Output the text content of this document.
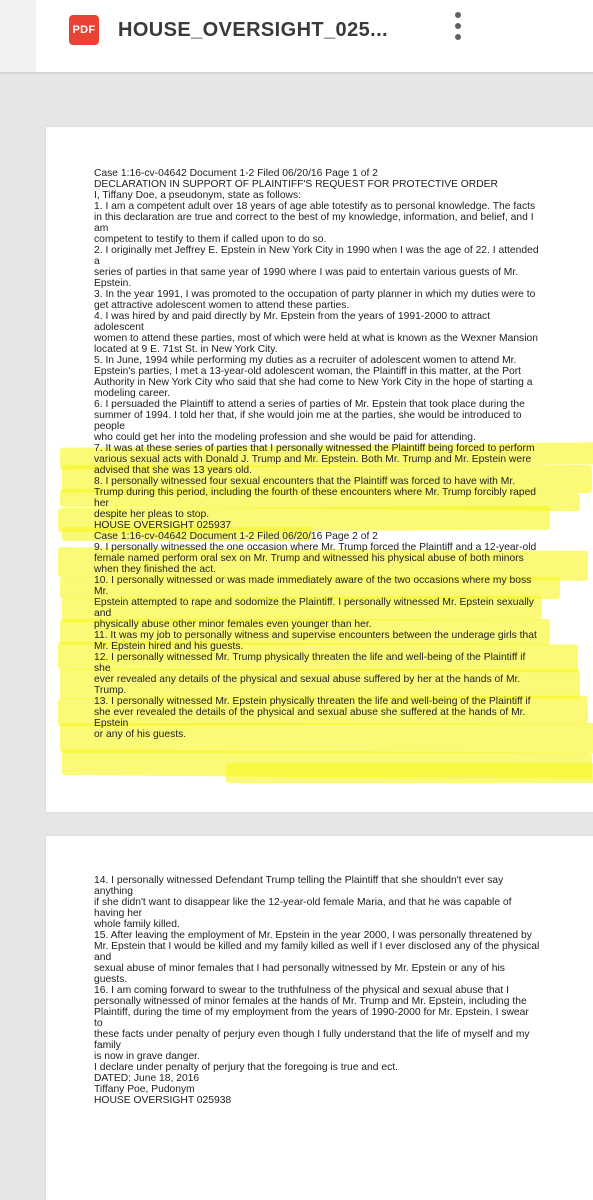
PDF HOUSE_OVERSIGHT_025...
Case 1:16-cv-04642 Document 1-2 Filed 06/20/16 Page 1 of 2
DECLARATION IN SUPPORT OF PLAINTIFF'S REQUEST FOR PROTECTIVE ORDER
I, Tiffany Doe, a pseudonym, state as follows:
1. I am a competent adult over 18 years of age able totestify as to personal knowledge. The facts
in this declaration are true and correct to the best of my knowledge, information, and belief, and I
am
competent to testify to them if called upon to do so.
2. I originally met Jeffrey E. Epstein in New York City in 1990 when I was the age of 22. I attended
a
series of parties in that same year of 1990 where I was paid to entertain various guests of Mr.
Epstein.
3. In the year 1991, I was promoted to the occupation of party planner in which my duties were to
get attractive adolescent women to attend these parties.
4. I was hired by and paid directly by Mr. Epstein from the years of 1991-2000 to attract
adolescent
women to attend these parties, most of which were held at what is known as the Wexner Mansion
located at 9 E. 71st St. in New York City.
5. In June, 1994 while performing my duties as a recruiter of adolescent women to attend Mr.
Epstein's parties, I met a 13-year-old adolescent woman, the Plaintiff in this matter, at the Port
Authority in New York City who said that she had come to New York City in the hope of starting a
modeling career.
6. I persuaded the Plaintiff to attend a series of parties of Mr. Epstein that took place during the
summer of 1994. I told her that, if she would join me at the parties, she would be introduced to
people
who could get her into the modeling profession and she would be paid for attending.
7. It was at these series of parties that I personally witnessed the Plaintiff being forced to perform
various sexual acts with Donald J. Trump and Mr. Epstein. Both Mr. Trump and Mr. Epstein were
advised that she was 13 years old.
8. I personally witnessed four sexual encounters that the Plaintiff was forced to have with Mr.
Trump during this period, including the fourth of these encounters where Mr. Trump forcibly raped
her
despite her pleas to stop.
HOUSE OVERSIGHT 025937
Case 1:16-cv-04642 Document 1-2 Filed 06/20/16 Page 2 of 2
9. I personally witnessed the one occasion where Mr. Trump forced the Plaintiff and a 12-year-old
female named perform oral sex on Mr. Trump and witnessed his physical abuse of both minors
when they finished the act.
10. I personally witnessed or was made immediately aware of the two occasions where my boss
Mr.
Epstein attempted to rape and sodomize the Plaintiff. I personally witnessed Mr. Epstein sexually
and
physically abuse other minor females even younger than her.
11. It was my job to personally witness and supervise encounters between the underage girls that
Mr. Epstein hired and his guests.
12. I personally witnessed Mr. Trump physically threaten the life and well-being of the Plaintiff if
she
ever revealed any details of the physical and sexual abuse suffered by her at the hands of Mr.
Trump.
13. I personally witnessed Mr. Epstein physically threaten the life and well-being of the Plaintiff if
she ever revealed the details of the physical and sexual abuse she suffered at the hands of Mr.
Epstein
or any of his guests.
14. I personally witnessed Defendant Trump telling the Plaintiff that she shouldn't ever say
anything
if she didn't want to disappear like the 12-year-old female Maria, and that he was capable of
having her
whole family killed.
15. After leaving the employment of Mr. Epstein in the year 2000, I was personally threatened by
Mr. Epstein that I would be killed and my family killed as well if I ever disclosed any of the physical
and
sexual abuse of minor females that I had personally witnessed by Mr. Epstein or any of his
guests.
16. I am coming forward to swear to the truthfulness of the physical and sexual abuse that I
personally witnessed of minor females at the hands of Mr. Trump and Mr. Epstein, including the
Plaintiff, during the time of my employment from the years of 1990-2000 for Mr. Epstein. I swear
to
these facts under penalty of perjury even though I fully understand that the life of myself and my
family
is now in grave danger.
I declare under penalty of perjury that the foregoing is true and ect.
DATED: June 18, 2016
Tiffany Poe, Pudonym
HOUSE OVERSIGHT 025938
